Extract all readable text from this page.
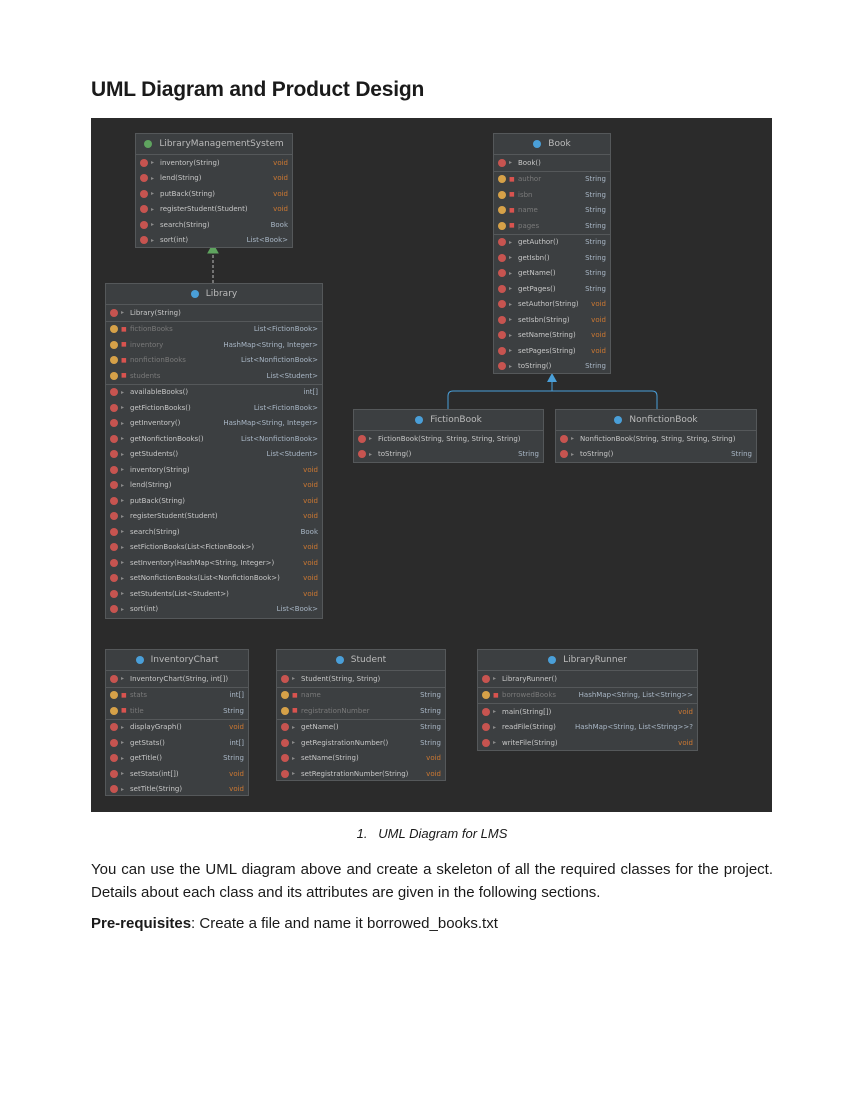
UML Diagram and Product Design
LibraryManagementSystem
▸ inventory(String)	void
▸ lend(String)	void
▸ putBack(String)	void
▸ registerStudent(Student)	void
▸ search(String)	Book
▸ sort(int)	List<Book>
Book
▸ Book()
■ author	String
■ isbn	String
■ name	String
■ pages	String
▸ getAuthor()	String
▸ getIsbn()	String
▸ getName()	String
▸ getPages()	String
▸ setAuthor(String)	void
▸ setIsbn(String)	void
▸ setName(String)	void
▸ setPages(String)	void
▸ toString()	String
Library
▸ Library(String)
■ fictionBooks	List<FictionBook>
■ inventory	HashMap<String, Integer>
■ nonfictionBooks	List<NonfictionBook>
■ students	List<Student>
▸ availableBooks()	int[]
▸ getFictionBooks()	List<FictionBook>
▸ getInventory()	HashMap<String, Integer>
▸ getNonfictionBooks()	List<NonfictionBook>
▸ getStudents()	List<Student>
▸ inventory(String)	void
▸ lend(String)	void
▸ putBack(String)	void
▸ registerStudent(Student)	void
▸ search(String)	Book
▸ setFictionBooks(List<FictionBook>)	void
▸ setInventory(HashMap<String, Integer>)	void
▸ setNonfictionBooks(List<NonfictionBook>)	void
▸ setStudents(List<Student>)	void
▸ sort(int)	List<Book>
FictionBook
▸ FictionBook(String, String, String, String)
▸ toString()	String
NonfictionBook
▸ NonfictionBook(String, String, String, String)
▸ toString()	String
InventoryChart
▸ InventoryChart(String, int[])
■ stats	int[]
■ title	String
▸ displayGraph()	void
▸ getStats()	int[]
▸ getTitle()	String
▸ setStats(int[])	void
▸ setTitle(String)	void
Student
▸ Student(String, String)
■ name	String
■ registrationNumber	String
▸ getName()	String
▸ getRegistrationNumber()	String
▸ setName(String)	void
▸ setRegistrationNumber(String)	void
LibraryRunner
▸ LibraryRunner()
■ borrowedBooks	HashMap<String, List<String>>
▸ main(String[])	void
▸ readFile(String)	HashMap<String, List<String>>?
▸ writeFile(String)	void
1. UML Diagram for LMS
You can use the UML diagram above and create a skeleton of all the required classes for the project. Details about each class and its attributes are given in the following sections.
Pre-requisites: Create a file and name it borrowed_books.txt
